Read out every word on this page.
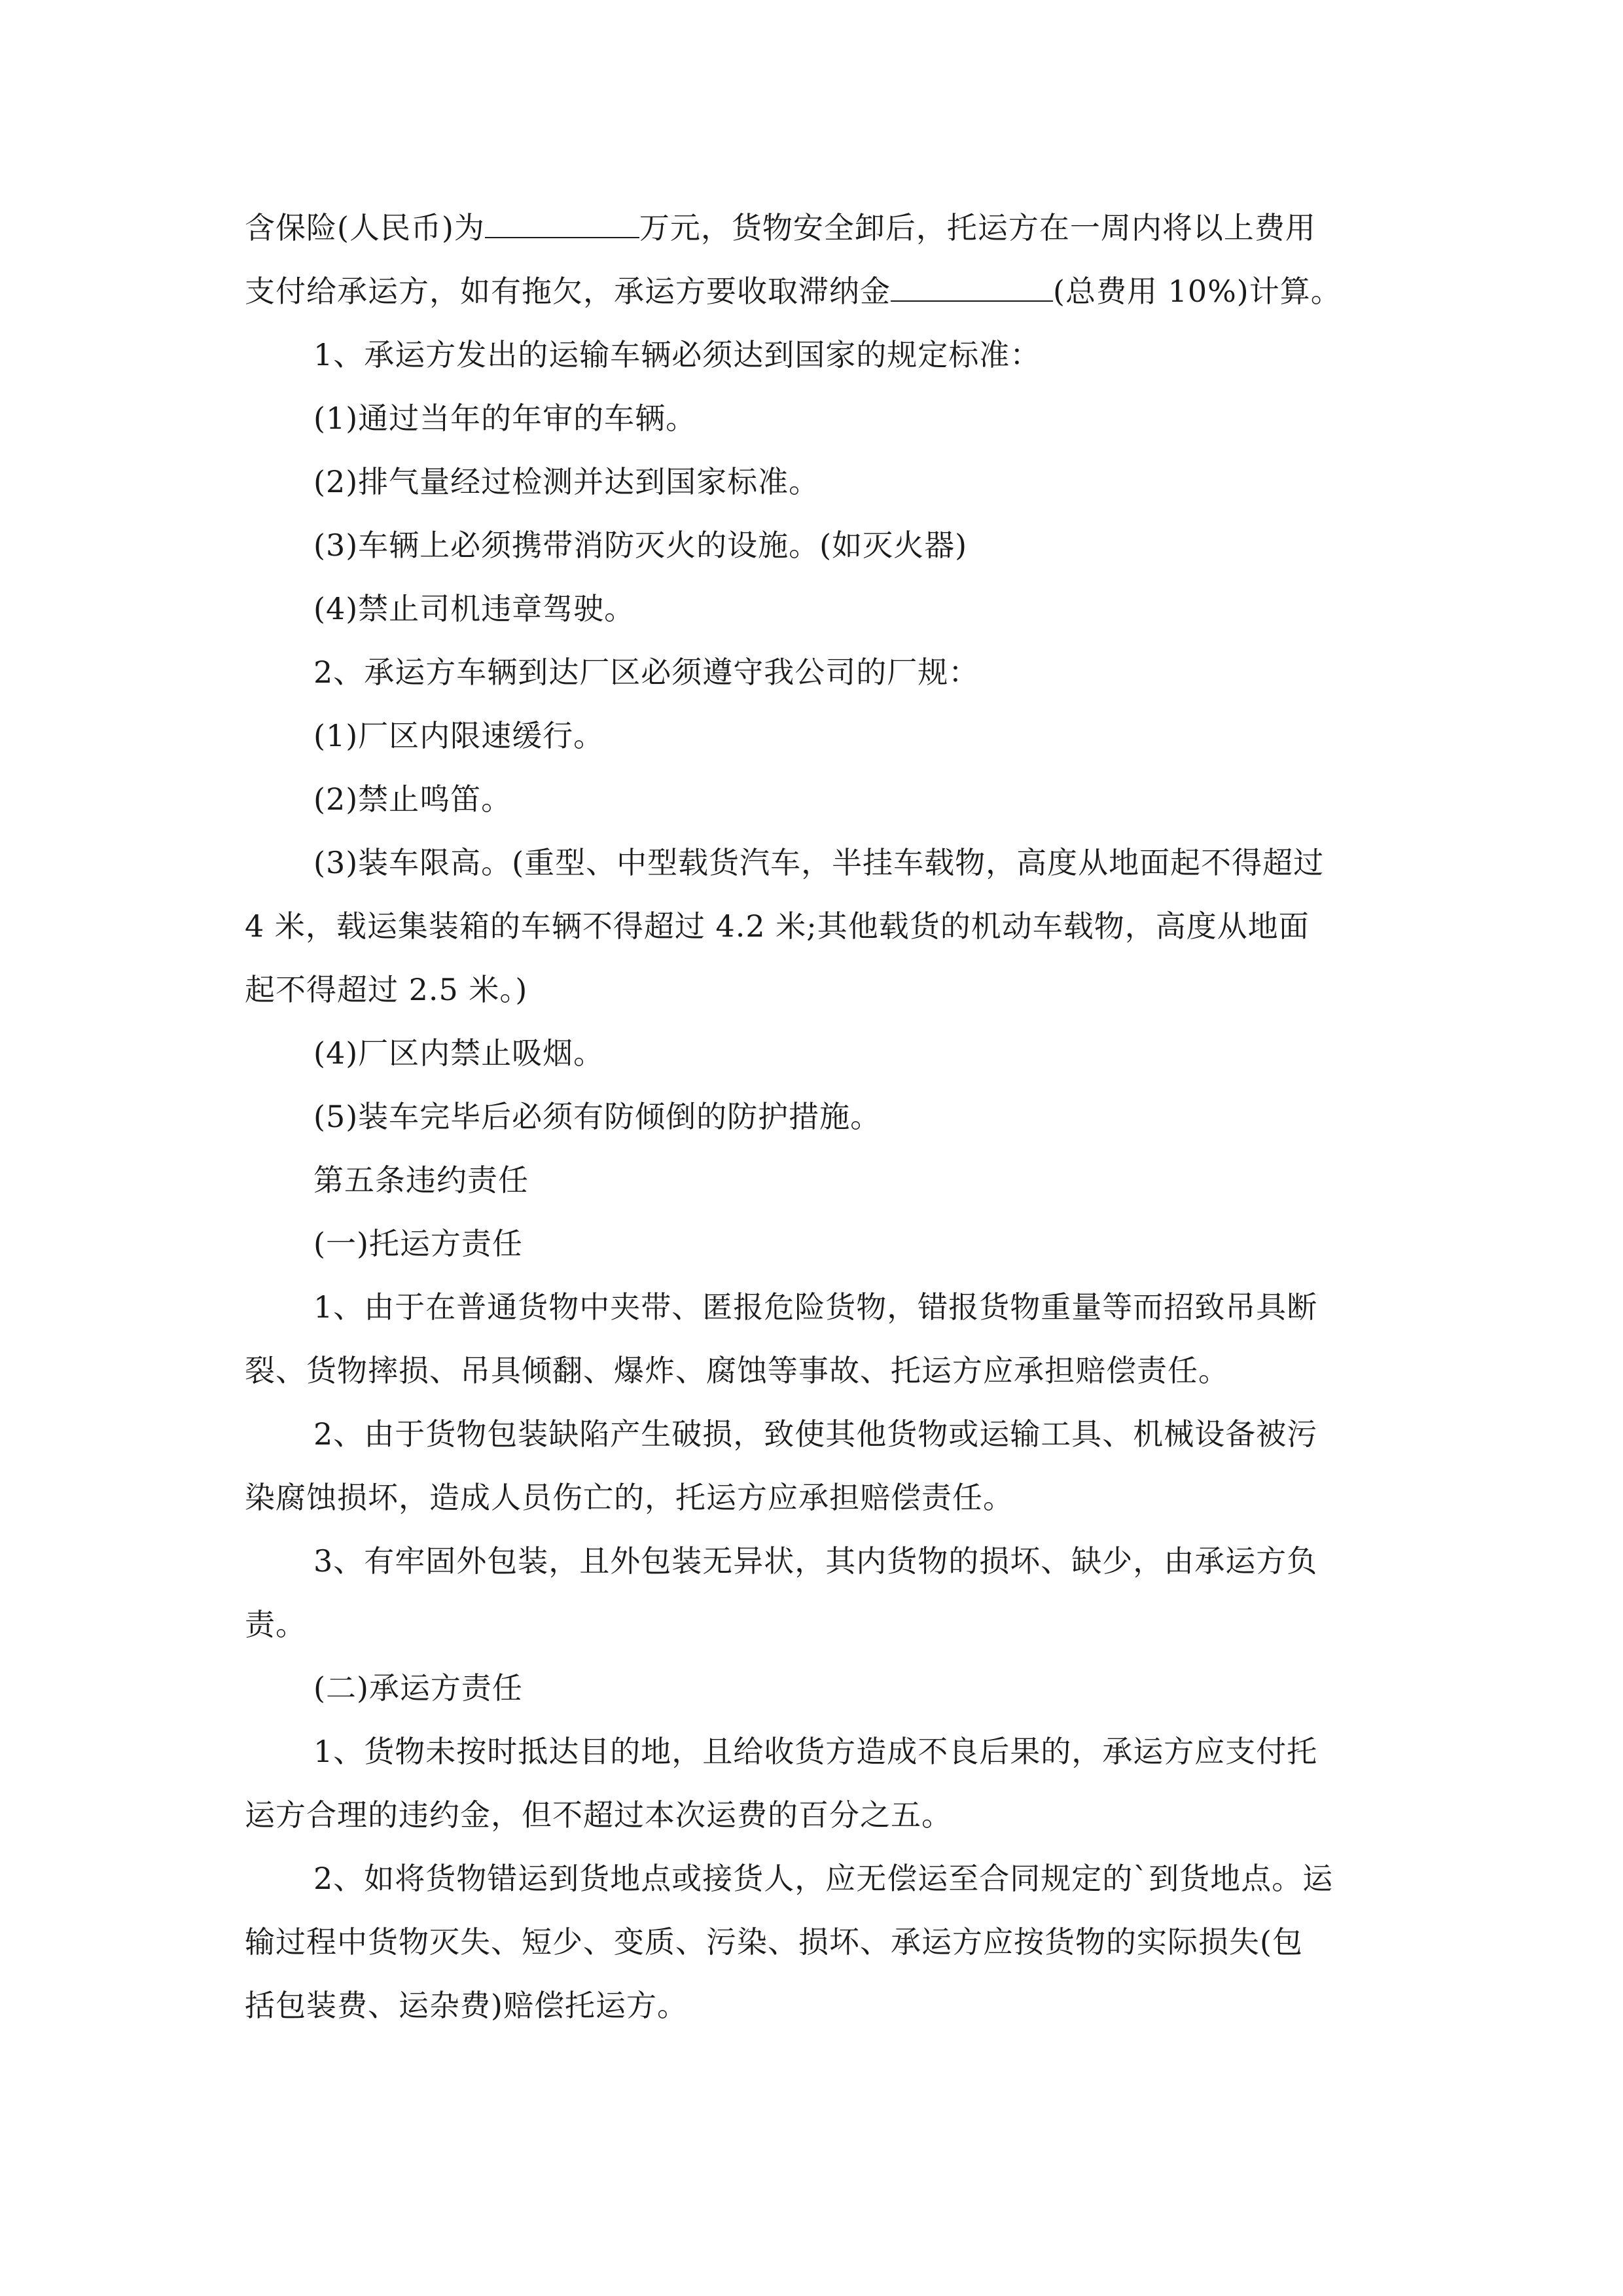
含保险(人民币)为	万元，货物安全卸后，托运方在一周内将以上费用
支付给承运方，如有拖欠，承运方要收取滞纳金	(总费用 10%)计算。
1、承运方发出的运输车辆必须达到国家的规定标准：
(1)通过当年的年审的车辆。
(2)排气量经过检测并达到国家标准。
(3)车辆上必须携带消防灭火的设施。(如灭火器)
(4)禁止司机违章驾驶。
2、承运方车辆到达厂区必须遵守我公司的厂规：
(1)厂区内限速缓行。
(2)禁止鸣笛。
(3)装车限高。(重型、中型载货汽车，半挂车载物，高度从地面起不得超过
4 米，载运集装箱的车辆不得超过 4.2 米;其他载货的机动车载物，高度从地面
起不得超过 2.5 米。)
(4)厂区内禁止吸烟。
(5)装车完毕后必须有防倾倒的防护措施。
第五条违约责任
(一)托运方责任
1、由于在普通货物中夹带、匿报危险货物，错报货物重量等而招致吊具断
裂、货物摔损、吊具倾翻、爆炸、腐蚀等事故、托运方应承担赔偿责任。
2、由于货物包装缺陷产生破损，致使其他货物或运输工具、机械设备被污
染腐蚀损坏，造成人员伤亡的，托运方应承担赔偿责任。
3、有牢固外包装，且外包装无异状，其内货物的损坏、缺少，由承运方负
责。
(二)承运方责任
1、货物未按时抵达目的地，且给收货方造成不良后果的，承运方应支付托
运方合理的违约金，但不超过本次运费的百分之五。
2、如将货物错运到货地点或接货人，应无偿运至合同规定的`到货地点。运
输过程中货物灭失、短少、变质、污染、损坏、承运方应按货物的实际损失(包
括包装费、运杂费)赔偿托运方。
